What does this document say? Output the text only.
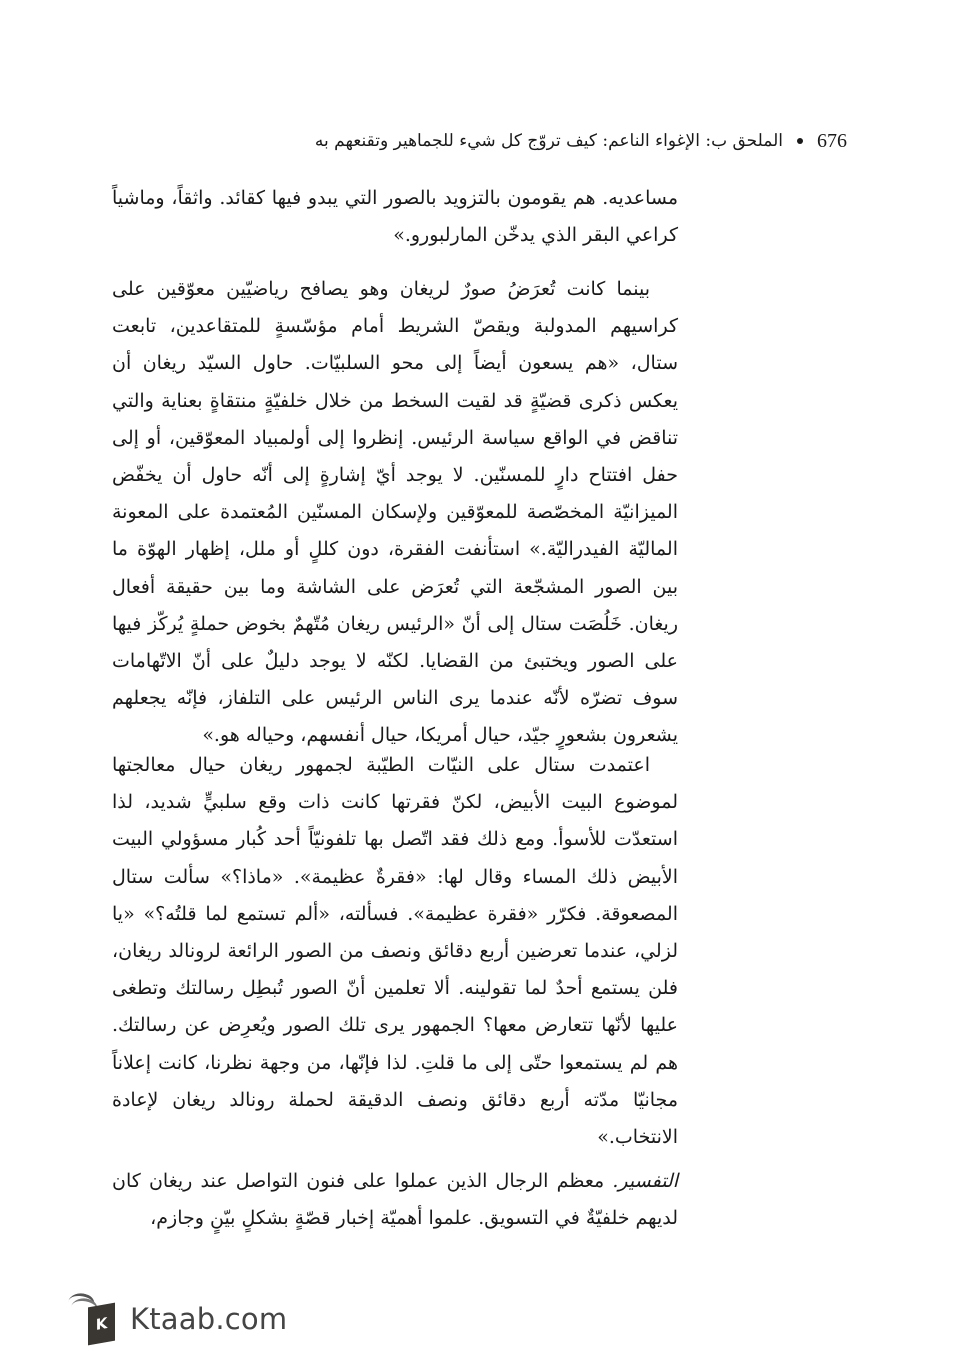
676
الملحق ب: الإغواء الناعم: كيف تروّج كل شيء للجماهير وتقنعهم به

مساعديه. هم يقومون بالتزويد بالصور التي يبدو فيها كقائد. واثقاً، وماشياً كراعي البقر الذي يدخّن المارلبورو.»

بينما كانت تُعرَضُ صورٌ لريغان وهو يصافح رياضيّين معوّقين على كراسيهم المدولبة ويقصّ الشريط أمام مؤسّسةٍ للمتقاعدين، تابعت ستال، «هم يسعون أيضاً إلى محو السلبيّات. حاول السيّد ريغان أن يعكس ذكرى قضيّةٍ قد لقيت السخط من خلال خلفيّةٍ منتقاةٍ بعناية والتي تناقض في الواقع سياسة الرئيس. إنظروا إلى أولمبياد المعوّقين، أو إلى حفل افتتاح دارٍ للمسنّين. لا يوجد أيّ إشارةٍ إلى أنّه حاول أن يخفّض الميزانيّة المخصّصة للمعوّقين ولإسكان المسنّين المُعتمدة على المعونة الماليّة الفيدراليّة.» استأنفت الفقرة، دون كللٍ أو ملل، إظهار الهوّة ما بين الصور المشجّعة التي تُعرَض على الشاشة وما بين حقيقة أفعال ريغان. خَلُصَت ستال إلى أنّ «الرئيس ريغان مُتّهمٌ بخوض حملةٍ يُركّز فيها على الصور ويختبئ من القضايا. لكنّه لا يوجد دليلٌ على أنّ الاتّهامات سوف تضرّه لأنّه عندما يرى الناس الرئيس على التلفاز، فإنّه يجعلهم يشعرون بشعورٍ جيّد، حيال أمريكا، حيال أنفسهم، وحياله هو.»

اعتمدت ستال على النيّات الطيّبة لجمهور ريغان حيال معالجتها لموضوع البيت الأبيض، لكنّ فقرتها كانت ذات وقع سلبيٍّ شديد، لذا استعدّت للأسوأ. ومع ذلك فقد اتّصل بها تلفونيّاً أحد كُبار مسؤولي البيت الأبيض ذلك المساء وقال لها: «فقرةٌ عظيمة». «ماذا؟» سألت ستال المصعوقة. فكرّر «فقرة عظيمة». فسألته، «ألم تستمع لما قلتُه؟» «يا لزلي، عندما تعرضين أربع دقائق ونصف من الصور الرائعة لرونالد ريغان، فلن يستمع أحدٌ لما تقولينه. ألا تعلمين أنّ الصور تُبطِل رسالتك وتطغى عليها لأنّها تتعارض معها؟ الجمهور يرى تلك الصور ويُعرِض عن رسالتك. هم لم يستمعوا حتّى إلى ما قلتِ. لذا فإنّها، من وجهة نظرنا، كانت إعلاناً مجانيّا مدّته أربع دقائق ونصف الدقيقة لحملة رونالد ريغان لإعادة الانتخاب.»

التفسير. معظم الرجال الذين عملوا على فنون التواصل عند ريغان كان لديهم خلفيّةٌ في التسويق. علموا أهميّة إخبار قصّةٍ بشكلٍ بيّنٍ وجازم،

K Ktaab.com
